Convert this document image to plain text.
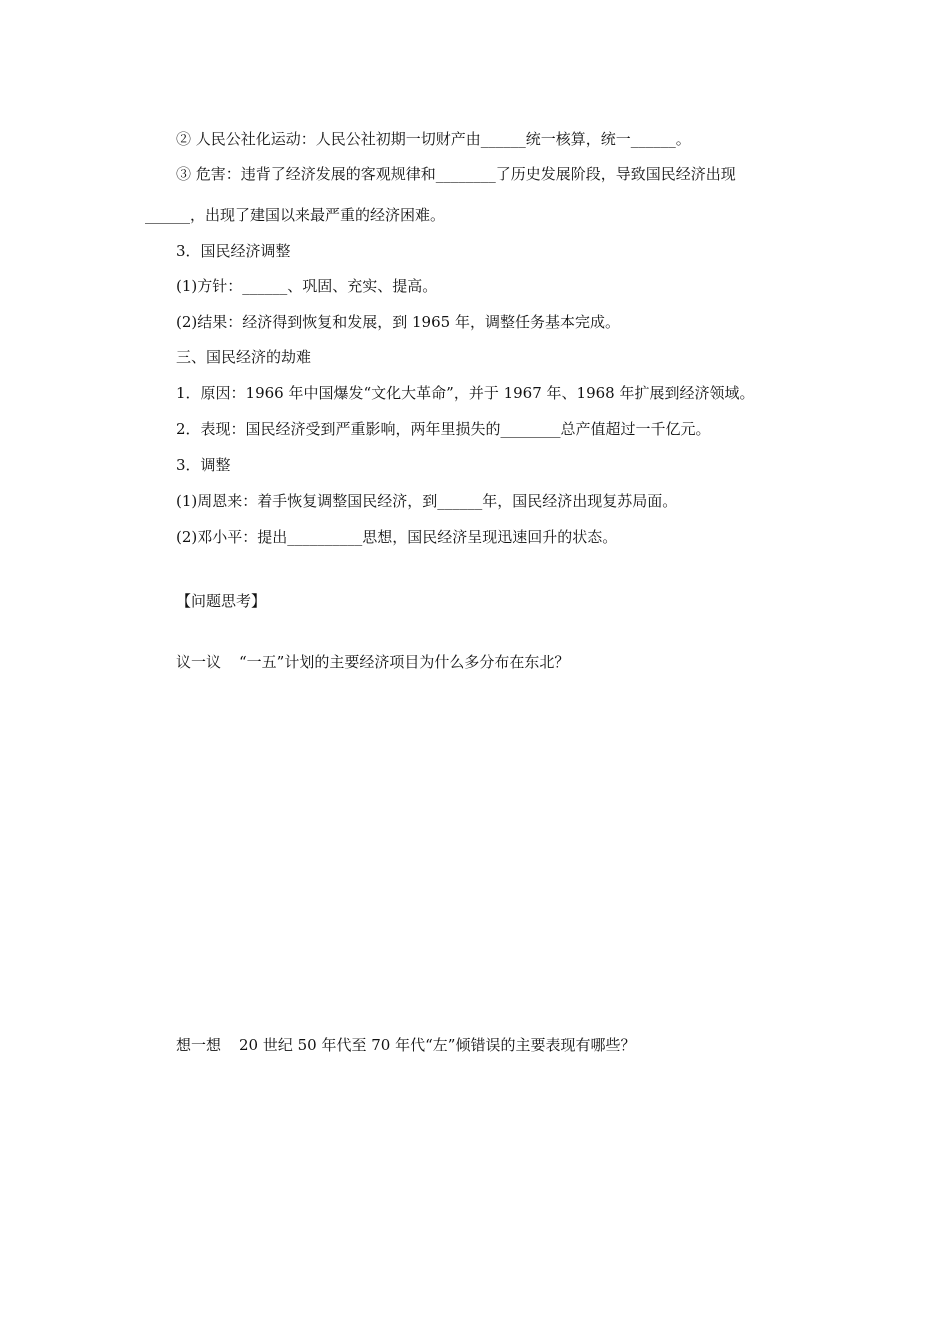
② 人民公社化运动：人民公社初期一切财产由______统一核算，统一______。
③ 危害：违背了经济发展的客观规律和________了历史发展阶段，导致国民经济出现
______，出现了建国以来最严重的经济困难。
3．国民经济调整
(1)方针：______、巩固、充实、提高。
(2)结果：经济得到恢复和发展，到 1965 年，调整任务基本完成。
三、国民经济的劫难
1．原因：1966 年中国爆发“文化大革命”，并于 1967 年、1968 年扩展到经济领域。
2．表现：国民经济受到严重影响，两年里损失的________总产值超过一千亿元。
3．调整
(1)周恩来：着手恢复调整国民经济，到______年，国民经济出现复苏局面。
(2)邓小平：提出__________思想，国民经济呈现迅速回升的状态。
【问题思考】
议一议 “一五”计划的主要经济项目为什么多分布在东北？
想一想 20 世纪 50 年代至 70 年代“左”倾错误的主要表现有哪些？
